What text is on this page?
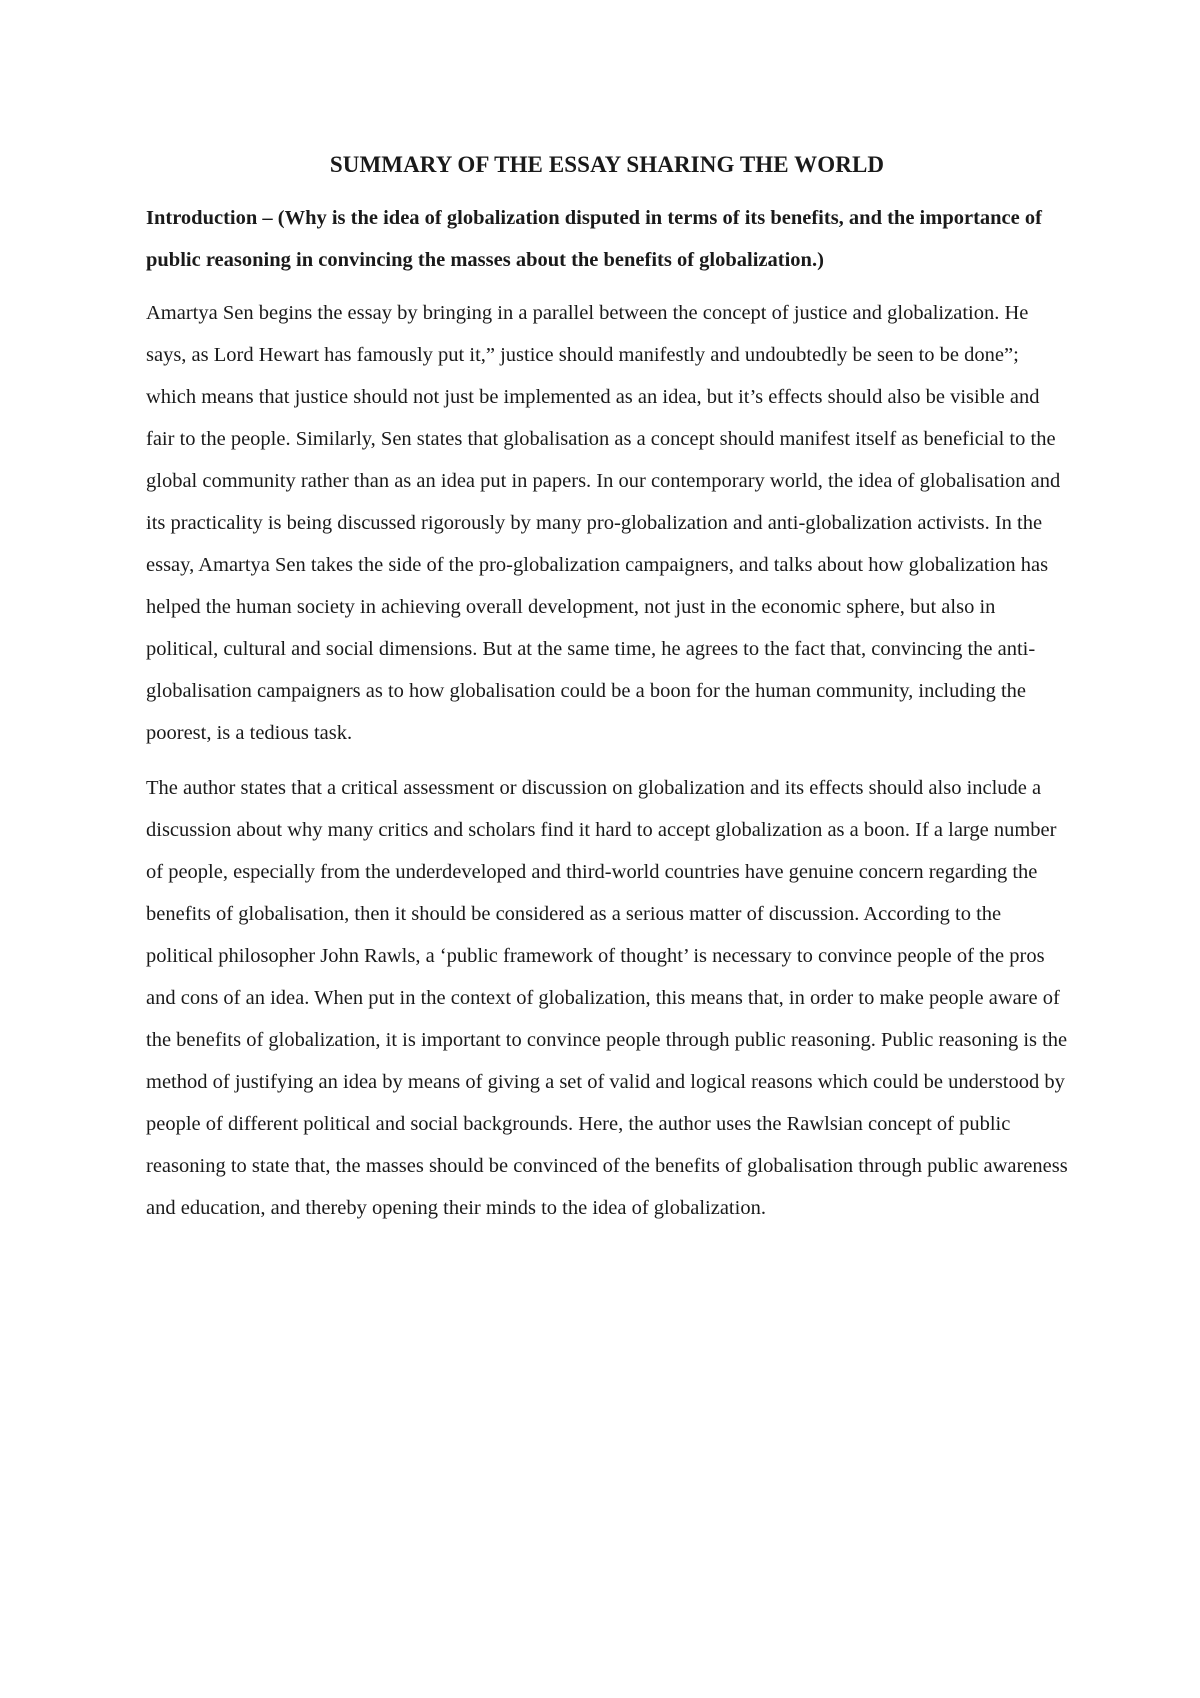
SUMMARY OF THE ESSAY SHARING THE WORLD

Introduction – (Why is the idea of globalization disputed in terms of its benefits, and the importance of public reasoning in convincing the masses about the benefits of globalization.)

Amartya Sen begins the essay by bringing in a parallel between the concept of justice and globalization. He says, as Lord Hewart has famously put it,” justice should manifestly and undoubtedly be seen to be done”; which means that justice should not just be implemented as an idea, but it’s effects should also be visible and fair to the people. Similarly, Sen states that globalisation as a concept should manifest itself as beneficial to the global community rather than as an idea put in papers. In our contemporary world, the idea of globalisation and its practicality is being discussed rigorously by many pro-globalization and anti-globalization activists. In the essay, Amartya Sen takes the side of the pro-globalization campaigners, and talks about how globalization has helped the human society in achieving overall development, not just in the economic sphere, but also in political, cultural and social dimensions. But at the same time, he agrees to the fact that, convincing the anti-globalisation campaigners as to how globalisation could be a boon for the human community, including the poorest, is a tedious task.

The author states that a critical assessment or discussion on globalization and its effects should also include a discussion about why many critics and scholars find it hard to accept globalization as a boon. If a large number of people, especially from the underdeveloped and third-world countries have genuine concern regarding the benefits of globalisation, then it should be considered as a serious matter of discussion. According to the political philosopher John Rawls, a ‘public framework of thought’ is necessary to convince people of the pros and cons of an idea. When put in the context of globalization, this means that, in order to make people aware of the benefits of globalization, it is important to convince people through public reasoning. Public reasoning is the method of justifying an idea by means of giving a set of valid and logical reasons which could be understood by people of different political and social backgrounds. Here, the author uses the Rawlsian concept of public reasoning to state that, the masses should be convinced of the benefits of globalisation through public awareness and education, and thereby opening their minds to the idea of globalization.
